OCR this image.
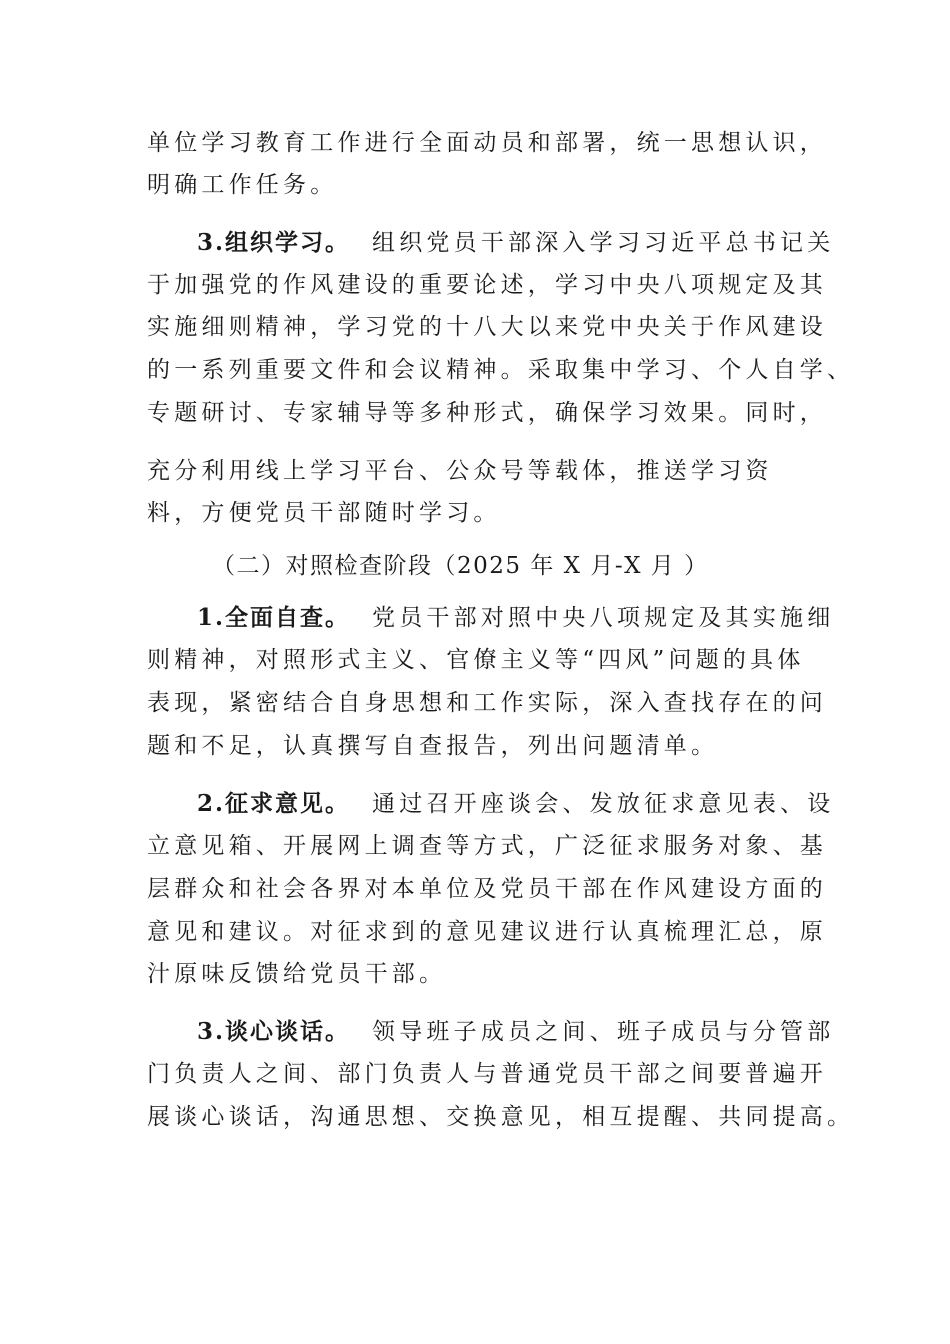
单位学习教育工作进行全面动员和部署，统一思想认识，

明确工作任务。

3.组织学习。 组织党员干部深入学习习近平总书记关

于加强党的作风建设的重要论述，学习中央八项规定及其

实施细则精神，学习党的十八大以来党中央关于作风建设

的一系列重要文件和会议精神。采取集中学习、个人自学、

专题研讨、专家辅导等多种形式，确保学习效果。同时，

充分利用线上学习平台、公众号等载体，推送学习资

料，方便党员干部随时学习。

（二）对照检查阶段（2025 年 X 月-X 月 ）

1.全面自查。 党员干部对照中央八项规定及其实施细

则精神，对照形式主义、官僚主义等“四风”问题的具体

表现，紧密结合自身思想和工作实际，深入查找存在的问

题和不足，认真撰写自查报告，列出问题清单。

2.征求意见。 通过召开座谈会、发放征求意见表、设

立意见箱、开展网上调查等方式，广泛征求服务对象、基

层群众和社会各界对本单位及党员干部在作风建设方面的

意见和建议。对征求到的意见建议进行认真梳理汇总，原

汁原味反馈给党员干部。

3.谈心谈话。 领导班子成员之间、班子成员与分管部

门负责人之间、部门负责人与普通党员干部之间要普遍开

展谈心谈话，沟通思想、交换意见，相互提醒、共同提高。
